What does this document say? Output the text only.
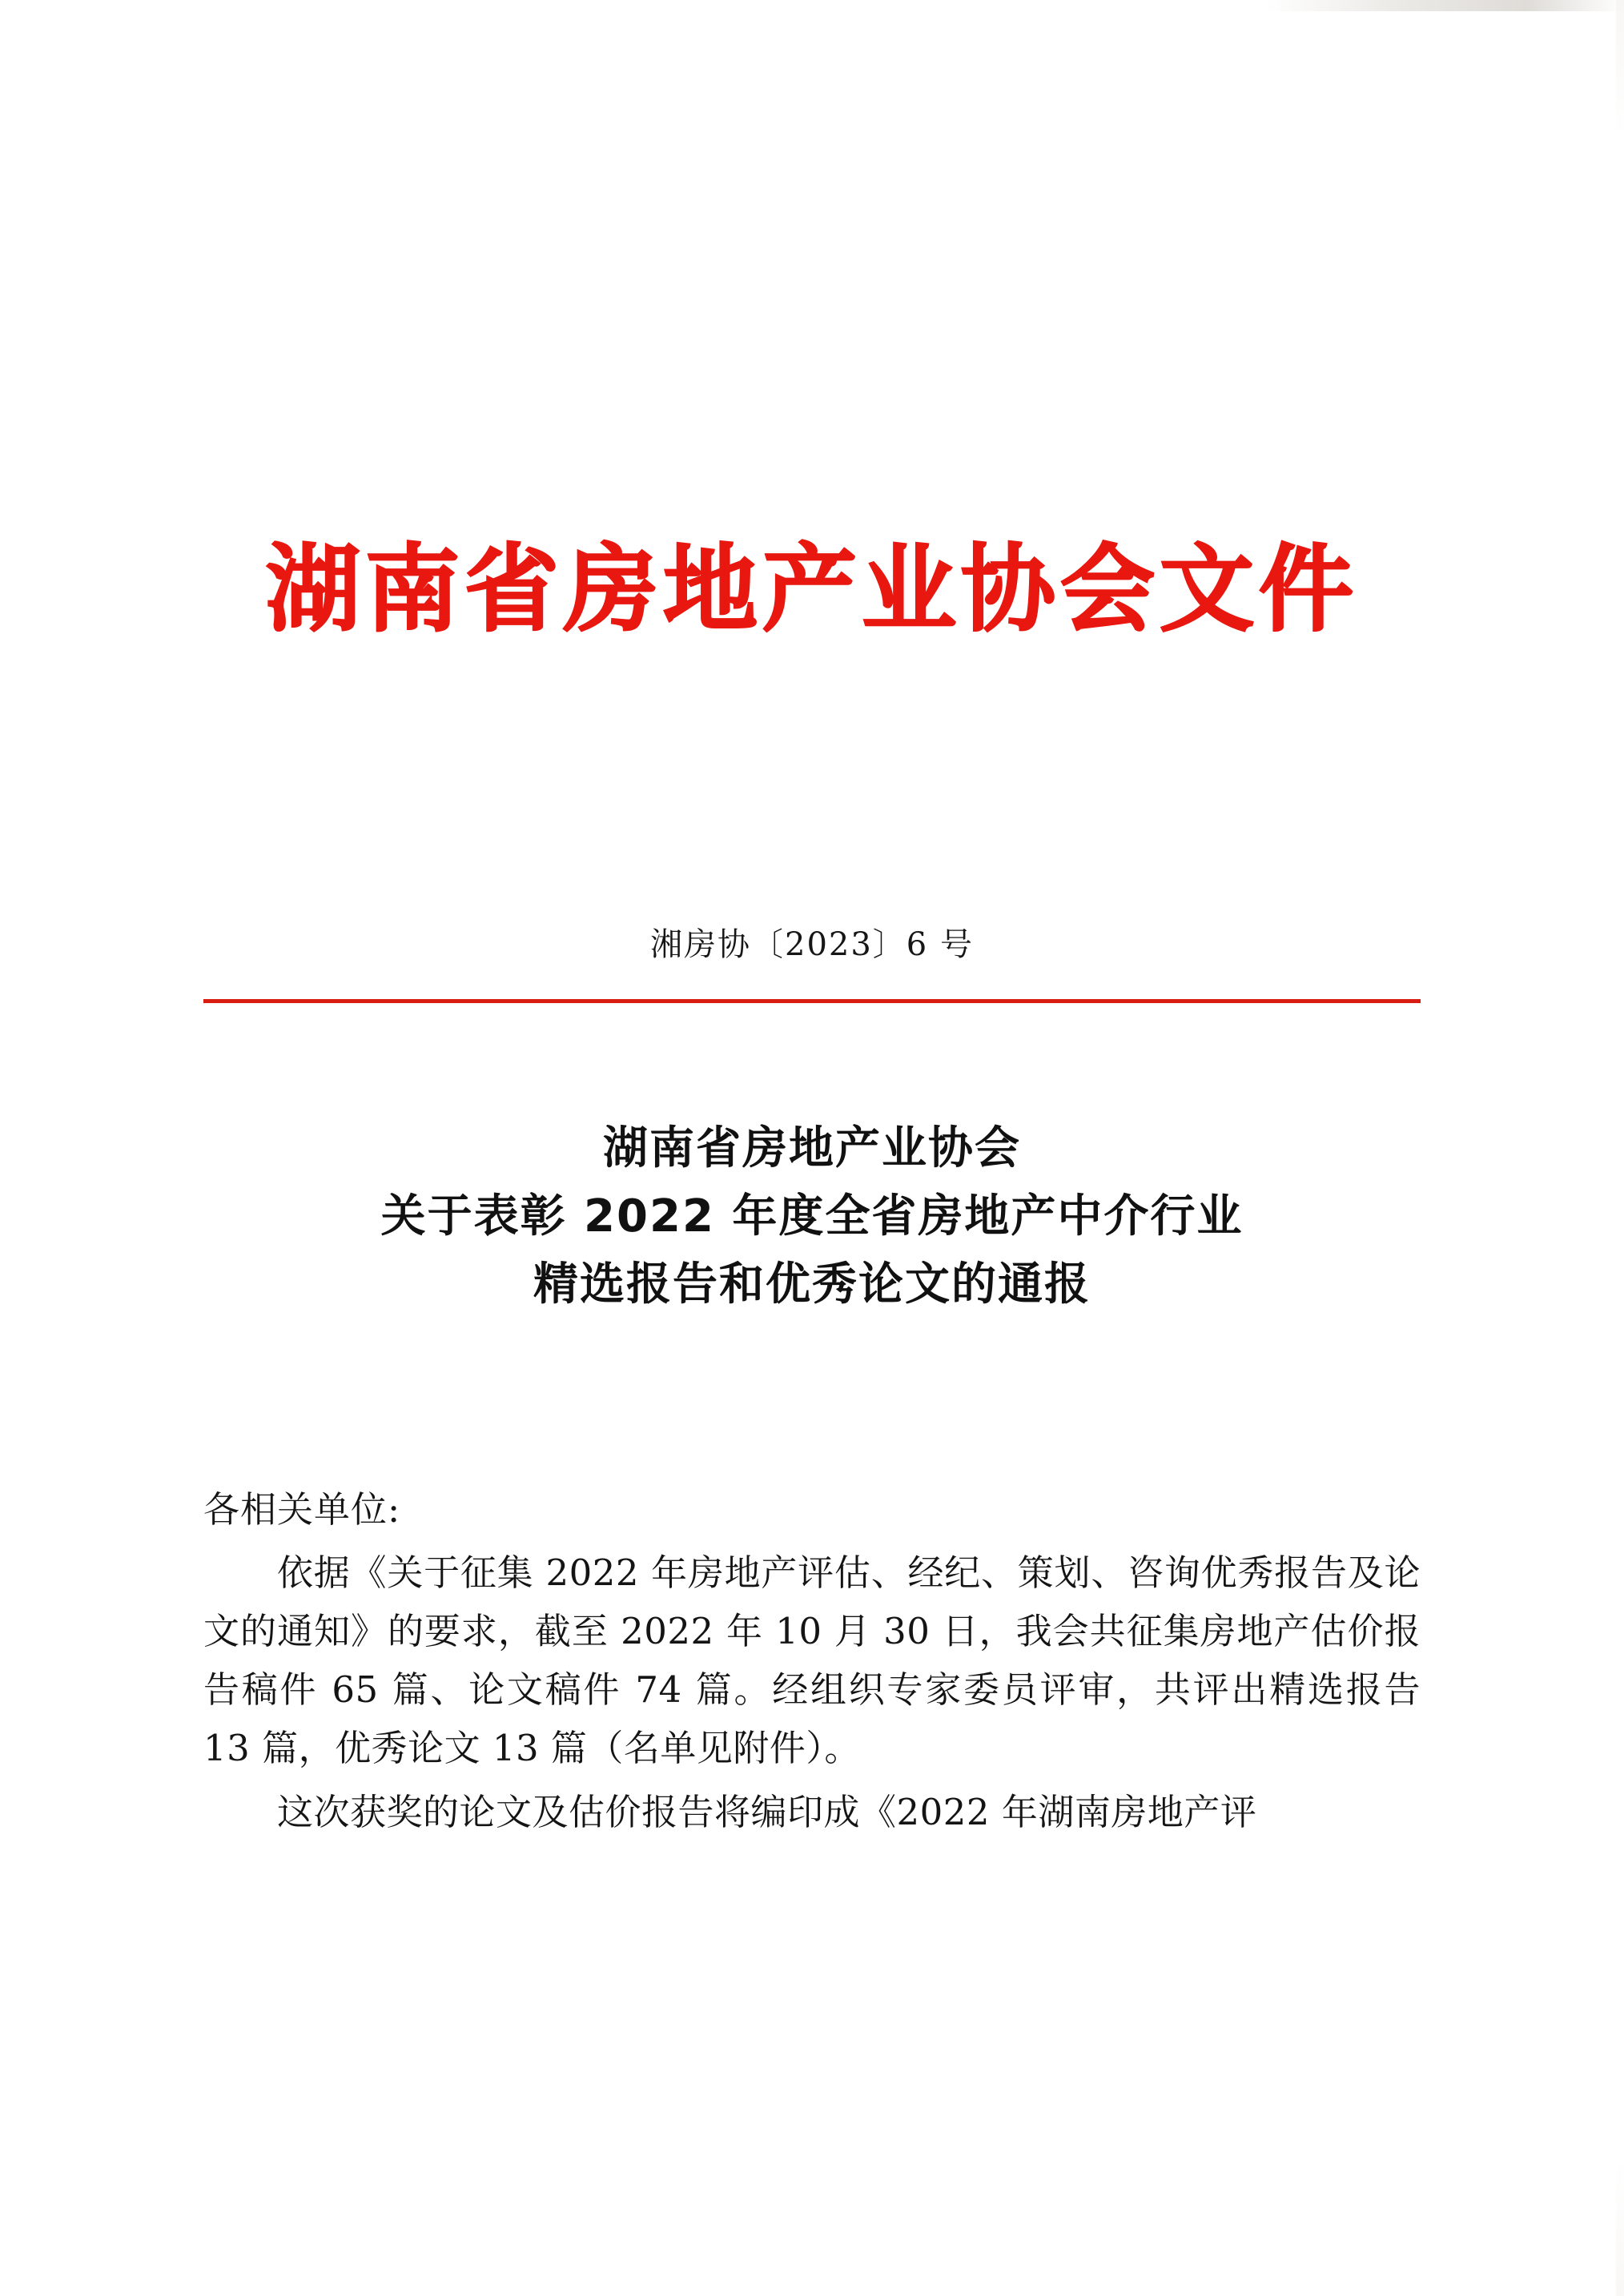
湖南省房地产业协会文件
湘房协〔2023〕6 号
湖南省房地产业协会
关于表彰 2022 年度全省房地产中介行业
精选报告和优秀论文的通报

各相关单位:

依据《关于征集 2022 年房地产评估、经纪、策划、咨询优秀报告及论文的通知》的要求，截至 2022 年 10 月 30 日，我会共征集房地产估价报告稿件 65 篇、论文稿件 74 篇。经组织专家委员评审，共评出精选报告 13 篇，优秀论文 13 篇（名单见附件）。

这次获奖的论文及估价报告将编印成《2022 年湖南房地产评
